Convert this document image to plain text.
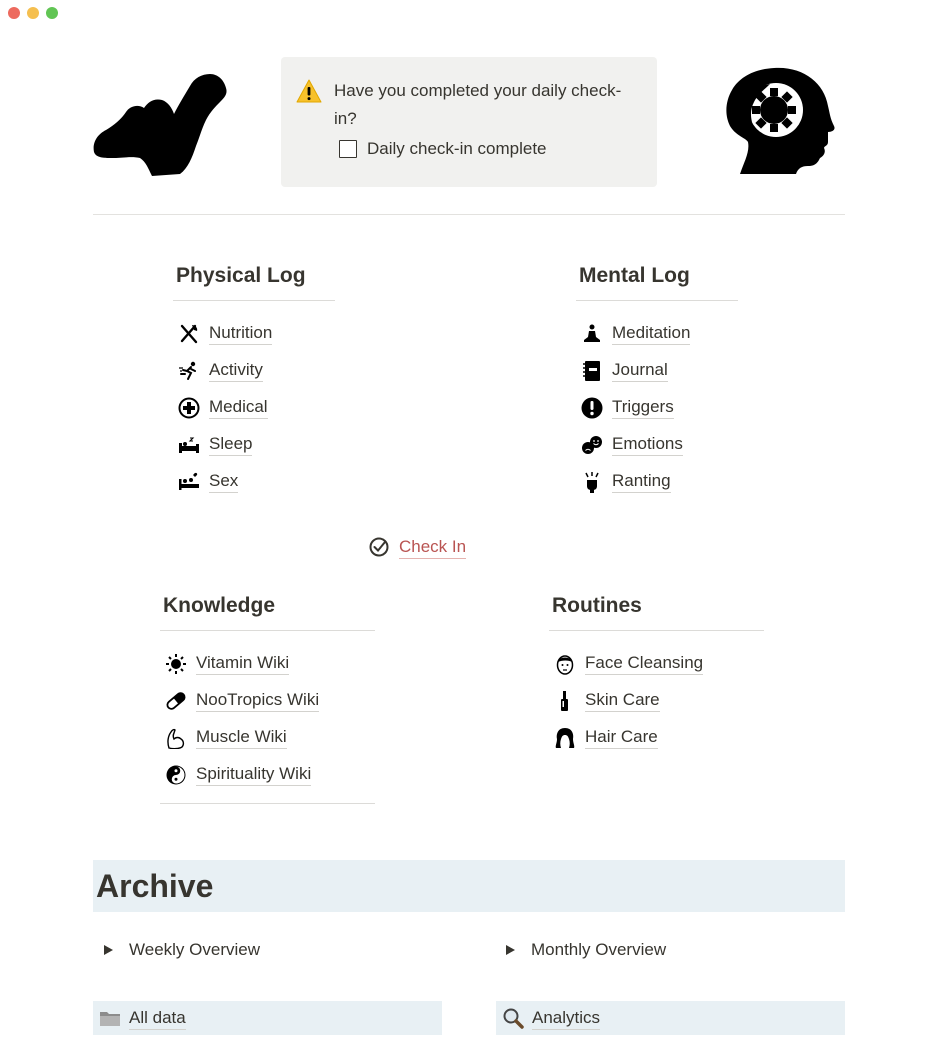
Have you completed your daily check-in?
Daily check-in complete
Physical Log
Nutrition
Activity
Medical
Sleep
Sex
Mental Log
Meditation
Journal
Triggers
Emotions
Ranting
Check In
Knowledge
Vitamin Wiki
NooTropics Wiki
Muscle Wiki
Spirituality Wiki
Routines
Face Cleansing
Skin Care
Hair Care
Archive
Weekly Overview	Monthly Overview
All data	Analytics
